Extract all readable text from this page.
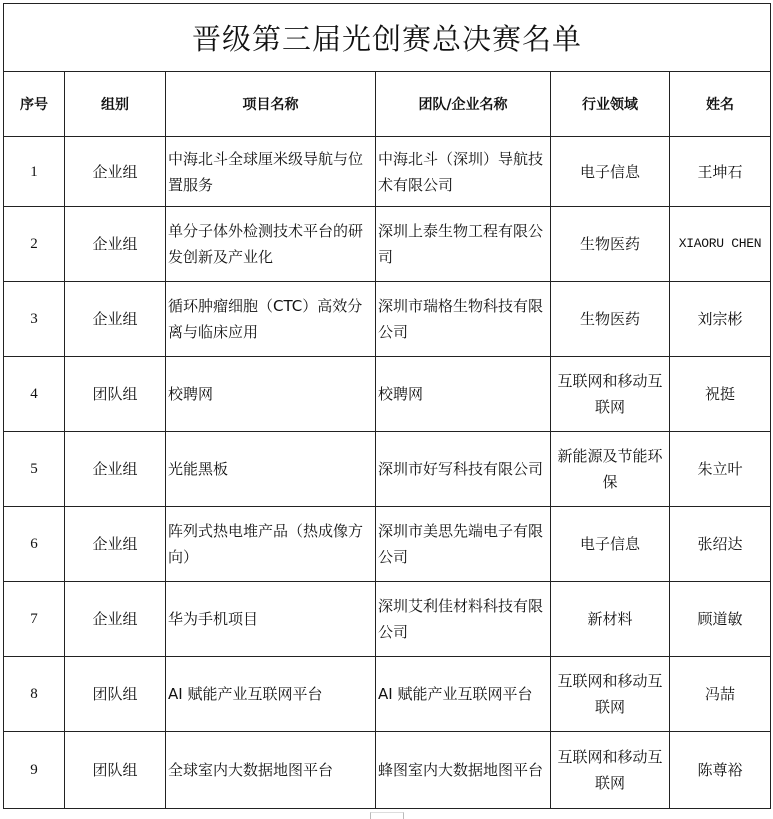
晋级第三届光创赛总决赛名单					
序号	组别	项目名称	团队/企业名称	行业领域	姓名
1	企业组	中海北斗全球厘米级导航与位置服务	中海北斗（深圳）导航技术有限公司	电子信息	王坤石
2	企业组	单分子体外检测技术平台的研发创新及产业化	深圳上泰生物工程有限公司	生物医药	XIAORU CHEN
3	企业组	循环肿瘤细胞（CTC）高效分离与临床应用	深圳市瑞格生物科技有限公司	生物医药	刘宗彬
4	团队组	校聘网	校聘网	互联网和移动互联网	祝挺
5	企业组	光能黑板	深圳市好写科技有限公司	新能源及节能环保	朱立叶
6	企业组	阵列式热电堆产品（热成像方向）	深圳市美思先端电子有限公司	电子信息	张绍达
7	企业组	华为手机项目	深圳艾利佳材料科技有限公司	新材料	顾道敏
8	团队组	AI 赋能产业互联网平台	AI 赋能产业互联网平台	互联网和移动互联网	冯喆
9	团队组	全球室内大数据地图平台	蜂图室内大数据地图平台	互联网和移动互联网	陈尊裕
